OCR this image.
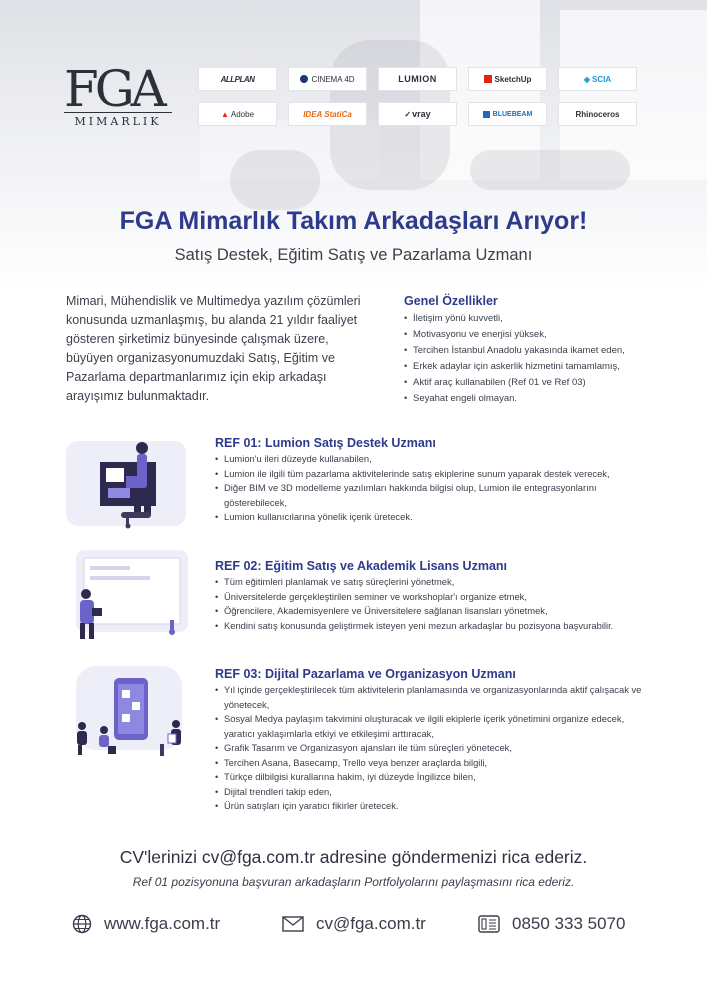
FGA
MIMARLIK
ALLPLAN	CINEMA 4D	LUMION	SketchUp	◈ SCIA
▲ Adobe	IDEA StatiCa	✓ vray	BLUEBEAM	Rhinoceros
FGA Mimarlık Takım Arkadaşları Arıyor!
Satış Destek, Eğitim Satış ve Pazarlama Uzmanı
Mimari, Mühendislik ve Multimedya yazılım çözümleri konusunda uzmanlaşmış, bu alanda 21 yıldır faaliyet gösteren şirketimiz bünyesinde çalışmak üzere, büyüyen organizasyonumuzdaki Satış, Eğitim ve Pazarlama departmanlarımız için ekip arkadaşı arayışımız bulunmaktadır.
Genel Özellikler
• İletişim yönü kuvvetli,
• Motivasyonu ve enerjisi yüksek,
• Tercihen İstanbul Anadolu yakasında ikamet eden,
• Erkek adaylar için askerlik hizmetini tamamlamış,
• Aktif araç kullanabilen (Ref 01 ve Ref 03)
• Seyahat engeli olmayan.
REF 01: Lumion Satış Destek Uzmanı
• Lumion'u ileri düzeyde kullanabilen,
• Lumion ile ilgili tüm pazarlama aktivitelerinde satış ekiplerine sunum yaparak destek verecek,
• Diğer BIM ve 3D modelleme yazılımları hakkında bilgisi olup, Lumion ile entegrasyonlarını gösterebilecek,
• Lumion kullanıcılarına yönelik içerik üretecek.
REF 02: Eğitim Satış ve Akademik Lisans Uzmanı
• Tüm eğitimleri planlamak ve satış süreçlerini yönetmek,
• Üniversitelerde gerçekleştirilen seminer ve workshoplar'ı organize etmek,
• Öğrencilere, Akademisyenlere ve Üniversitelere sağlanan lisansları yönetmek,
• Kendini satış konusunda geliştirmek isteyen yeni mezun arkadaşlar bu pozisyona başvurabilir.
REF 03: Dijital Pazarlama ve Organizasyon Uzmanı
• Yıl içinde gerçekleştirilecek tüm aktivitelerin planlamasında ve organizasyonlarında aktif çalışacak ve yönetecek,
• Sosyal Medya paylaşım takvimini oluşturacak ve ilgili ekiplerle içerik yönetimini organize edecek, yaratıcı yaklaşımlarla etkiyi ve etkileşimi arttıracak,
• Grafik Tasarım ve Organizasyon ajansları ile tüm süreçleri yönetecek,
• Tercihen Asana, Basecamp, Trello veya benzer araçlarda bilgili,
• Türkçe dilbilgisi kurallarına hakim, iyi düzeyde İngilizce bilen,
• Dijital trendleri takip eden,
• Ürün satışları için yaratıcı fikirler üretecek.
CV'lerinizi cv@fga.com.tr adresine göndermenizi rica ederiz.
Ref 01 pozisyonuna başvuran arkadaşların Portfolyolarını paylaşmasını rica ederiz.
www.fga.com.tr	cv@fga.com.tr	0850 333 5070
